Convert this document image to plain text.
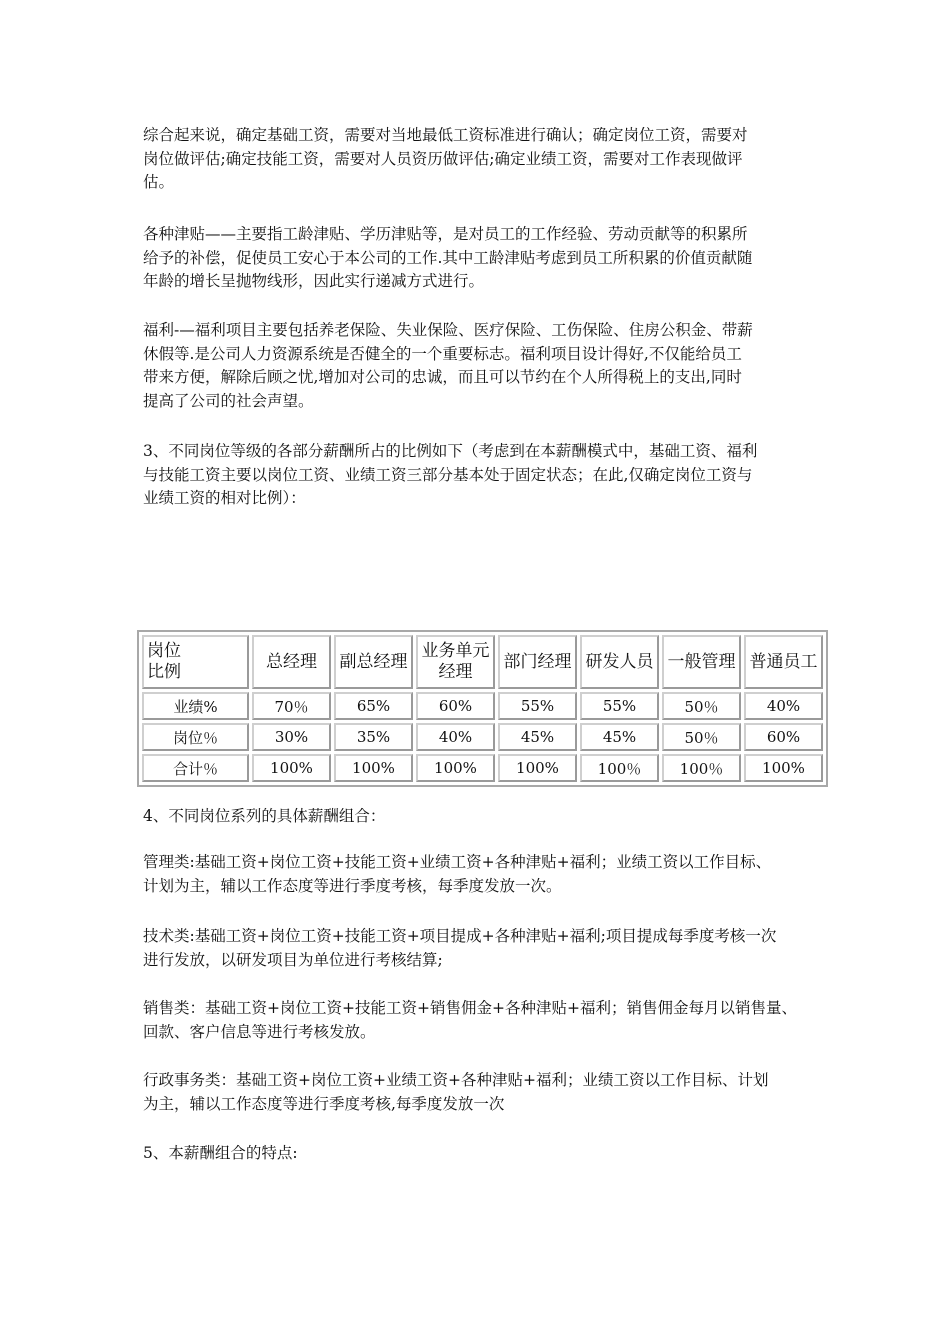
综合起来说，确定基础工资，需要对当地最低工资标准进行确认；确定岗位工资，需要对
岗位做评估;确定技能工资，需要对人员资历做评估;确定业绩工资，需要对工作表现做评
估。

各种津贴——主要指工龄津贴、学历津贴等，是对员工的工作经验、劳动贡献等的积累所
给予的补偿，促使员工安心于本公司的工作.其中工龄津贴考虑到员工所积累的价值贡献随
年龄的增长呈抛物线形，因此实行递减方式进行。

福利-—福利项目主要包括养老保险、失业保险、医疗保险、工伤保险、住房公积金、带薪
休假等.是公司人力资源系统是否健全的一个重要标志。福利项目设计得好,不仅能给员工
带来方便，解除后顾之忧,增加对公司的忠诚，而且可以节约在个人所得税上的支出,同时
提高了公司的社会声望。

3、不同岗位等级的各部分薪酬所占的比例如下（考虑到在本薪酬模式中，基础工资、福利
与技能工资主要以岗位工资、业绩工资三部分基本处于固定状态；在此,仅确定岗位工资与
业绩工资的相对比例）：

岗位
比例	总经理	副总经理	业务单元
经理	部门经理	研发人员	一般管理	普通员工
业绩%	70％	65%	60%	55%	55%	50％	40%
岗位％	30%	35%	40%	45%	45%	50％	60%
合计％	100%	100%	100%	100%	100％	100％	100%

4、不同岗位系列的具体薪酬组合：

管理类:基础工资+岗位工资+技能工资+业绩工资+各种津贴+福利；业绩工资以工作目标、
计划为主，辅以工作态度等进行季度考核，每季度发放一次。

技术类:基础工资+岗位工资+技能工资+项目提成+各种津贴+福利;项目提成每季度考核一次
进行发放，以研发项目为单位进行考核结算;

销售类：基础工资+岗位工资+技能工资+销售佣金+各种津贴+福利；销售佣金每月以销售量、
回款、客户信息等进行考核发放。

行政事务类：基础工资+岗位工资+业绩工资+各种津贴+福利；业绩工资以工作目标、计划
为主，辅以工作态度等进行季度考核,每季度发放一次

5、本薪酬组合的特点:
